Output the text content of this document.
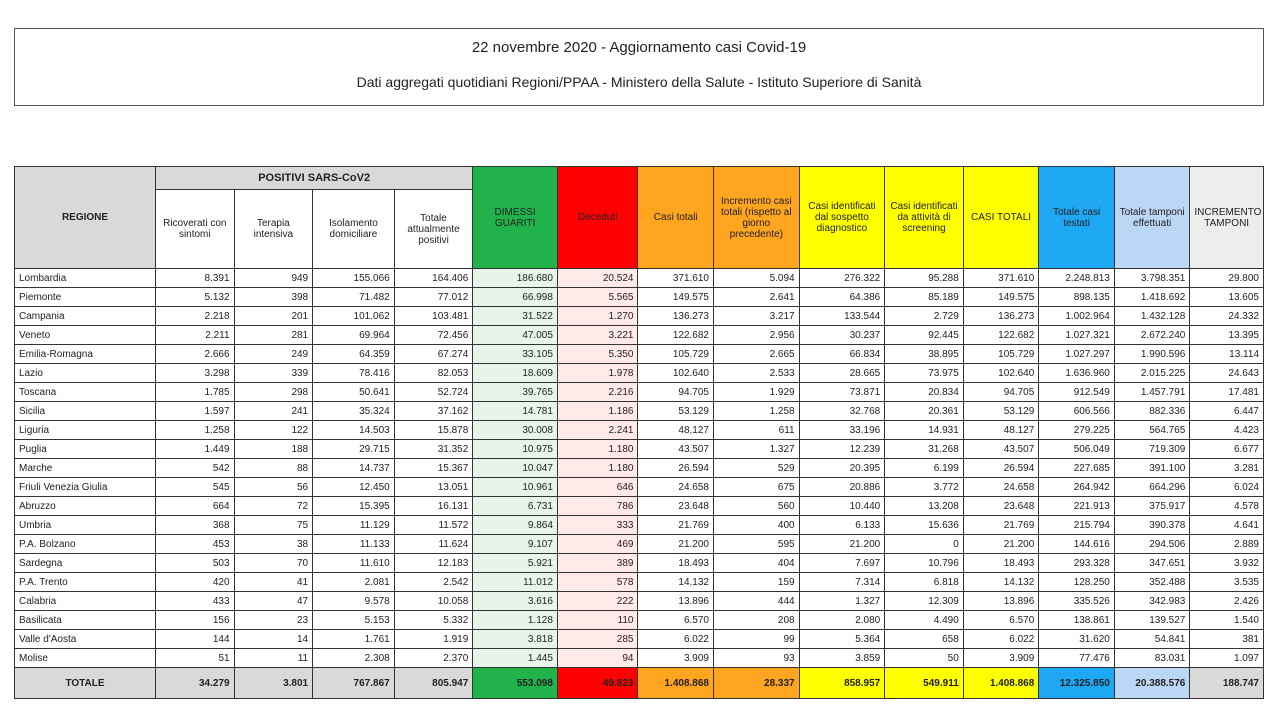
22 novembre 2020 - Aggiornamento casi Covid-19
Dati aggregati quotidiani Regioni/PPAA - Ministero della Salute - Istituto Superiore di Sanità
REGIONE	POSITIVI SARS-CoV2				DIMESSI GUARITI	Deceduti	Casi totali	Incremento casi totali (rispetto al giorno precedente)	Casi identificati dal sospetto diagnostico	Casi identificati da attività di screening	CASI TOTALI	Totale casi testati	Totale tamponi effettuati	INCREMENTO TAMPONI
	Ricoverati con sintomi	Terapia intensiva	Isolamento domiciliare	Totale attualmente positivi										
Lombardia	8.391	949	155.066	164.406	186.680	20.524	371.610	5.094	276.322	95.288	371.610	2.248.813	3.798.351	29.800
Piemonte	5.132	398	71.482	77.012	66.998	5.565	149.575	2.641	64.386	85.189	149.575	898.135	1.418.692	13.605
Campania	2.218	201	101.062	103.481	31.522	1.270	136.273	3.217	133.544	2.729	136.273	1.002.964	1.432.128	24.332
Veneto	2.211	281	69.964	72.456	47.005	3.221	122.682	2.956	30.237	92.445	122.682	1.027.321	2.672.240	13.395
Emilia-Romagna	2.666	249	64.359	67.274	33.105	5.350	105.729	2.665	66.834	38.895	105.729	1.027.297	1.990.596	13.114
Lazio	3.298	339	78.416	82.053	18.609	1.978	102.640	2.533	28.665	73.975	102.640	1.636.960	2.015.225	24.643
Toscana	1.785	298	50.641	52.724	39.765	2.216	94.705	1.929	73.871	20.834	94.705	912.549	1.457.791	17.481
Sicilia	1.597	241	35.324	37.162	14.781	1.186	53.129	1.258	32.768	20.361	53.129	606.566	882.336	6.447
Liguria	1.258	122	14.503	15.878	30.008	2.241	48.127	611	33.196	14.931	48.127	279.225	564.765	4.423
Puglia	1.449	188	29.715	31.352	10.975	1.180	43.507	1.327	12.239	31.268	43.507	506.049	719.309	6.677
Marche	542	88	14.737	15.367	10.047	1.180	26.594	529	20.395	6.199	26.594	227.685	391.100	3.281
Friuli Venezia Giulia	545	56	12.450	13.051	10.961	646	24.658	675	20.886	3.772	24.658	264.942	664.296	6.024
Abruzzo	664	72	15.395	16.131	6.731	786	23.648	560	10.440	13.208	23.648	221.913	375.917	4.578
Umbria	368	75	11.129	11.572	9.864	333	21.769	400	6.133	15.636	21.769	215.794	390.378	4.641
P.A. Bolzano	453	38	11.133	11.624	9.107	469	21.200	595	21.200	0	21.200	144.616	294.506	2.889
Sardegna	503	70	11.610	12.183	5.921	389	18.493	404	7.697	10.796	18.493	293.328	347.651	3.932
P.A. Trento	420	41	2.081	2.542	11.012	578	14.132	159	7.314	6.818	14.132	128.250	352.488	3.535
Calabria	433	47	9.578	10.058	3.616	222	13.896	444	1.327	12.309	13.896	335.526	342.983	2.426
Basilicata	156	23	5.153	5.332	1.128	110	6.570	208	2.080	4.490	6.570	138.861	139.527	1.540
Valle d'Aosta	144	14	1.761	1.919	3.818	285	6.022	99	5.364	658	6.022	31.620	54.841	381
Molise	51	11	2.308	2.370	1.445	94	3.909	93	3.859	50	3.909	77.476	83.031	1.097
TOTALE	34.279	3.801	767.867	805.947	553.098	49.823	1.408.868	28.337	858.957	549.911	1.408.868	12.325.850	20.388.576	188.747
